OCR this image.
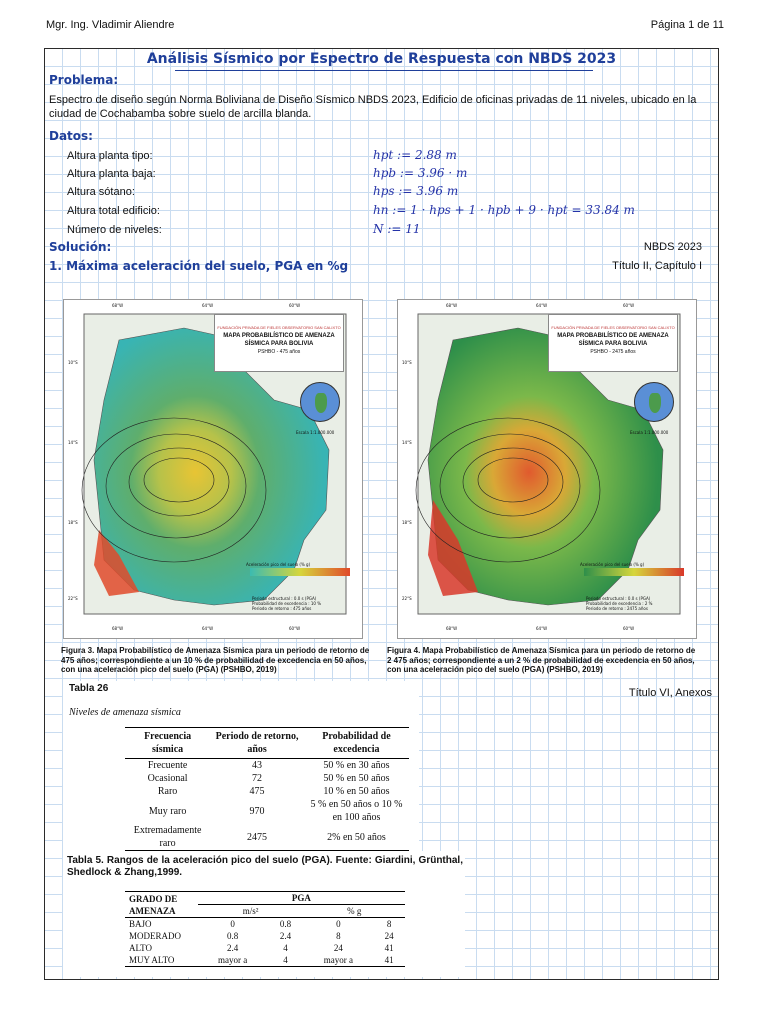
Mgr. Ing. Vladimir Aliendre	Página 1 de 11
Análisis Sísmico por Espectro de Respuesta con NBDS 2023
Problema:
Espectro de diseño según Norma Boliviana de Diseño Sísmico NBDS 2023, Edificio de oficinas privadas de 11 niveles, ubicado en la ciudad de Cochabamba sobre suelo de arcilla blanda.
Datos:
Altura planta tipo:	hpt := 2.88 m
Altura planta baja:	hpb := 3.96 · m
Altura sótano:	hps := 3.96 m
Altura total edificio:	hn := 1 · hps + 1 · hpb + 9 · hpt = 33.84 m
Número de niveles:	N := 11
Solución:	NBDS 2023
1. Máxima aceleración del suelo, PGA en %g	Título II, Capítulo I
FUNDACIÓN PRIVADA DE FIELES OBSERVATORIO SAN CALIXTO
MAPA PROBABILÍSTICO DE AMENAZA
SÍSMICA PARA BOLIVIA
PSHBO - 475 años
Escala 1:1.000.000
Aceleración pico del suelo (% g)
Periodo estructural : 0.0 s (PGA)
Probabilidad de excedencia : 10 %
Periodo de retorno : 475 años
68°W	64°W	60°W
68°W	64°W	60°W
10°S
14°S
18°S
22°S
FUNDACIÓN PRIVADA DE FIELES OBSERVATORIO SAN CALIXTO
MAPA PROBABILÍSTICO DE AMENAZA
SÍSMICA PARA BOLIVIA
PSHBO - 2475 años
Escala 1:1.000.000
Aceleración pico del suelo (% g)
Periodo estructural : 0.0 s (PGA)
Probabilidad de excedencia : 2 %
Periodo de retorno : 2475 años
68°W	64°W	60°W
68°W	64°W	60°W
10°S
14°S
18°S
22°S
Figura 3. Mapa Probabilístico de Amenaza Sísmica para un periodo de retorno de 475 años; correspondiente a un 10 % de probabilidad de excedencia en 50 años, con una aceleración pico del suelo (PGA) (PSHBO, 2019)
Figura 4. Mapa Probabilístico de Amenaza Sísmica para un periodo de retorno de 2 475 años; correspondiente a un 2 % de probabilidad de excedencia en 50 años, con una aceleración pico del suelo (PGA) (PSHBO, 2019)
Tabla 26
Niveles de amenaza sísmica
Frecuencia sísmica	Periodo de retorno, años	Probabilidad de excedencia
Frecuente	43	50 % en 30 años
Ocasional	72	50 % en 50 años
Raro	475	10 % en 50 años
Muy raro	970	5 % en 50 años o 10 % en 100 años
Extremadamente raro	2475	2% en 50 años
Título VI, Anexos
Tabla 5. Rangos de la aceleración pico del suelo (PGA). Fuente: Giardini, Grünthal, Shedlock & Zhang,1999.
GRADO DE AMENAZA	PGA			
	m/s²		% g	
BAJO	0	0.8	0	8
MODERADO	0.8	2.4	8	24
ALTO	2.4	4	24	41
MUY ALTO	mayor a	4	mayor a	41
